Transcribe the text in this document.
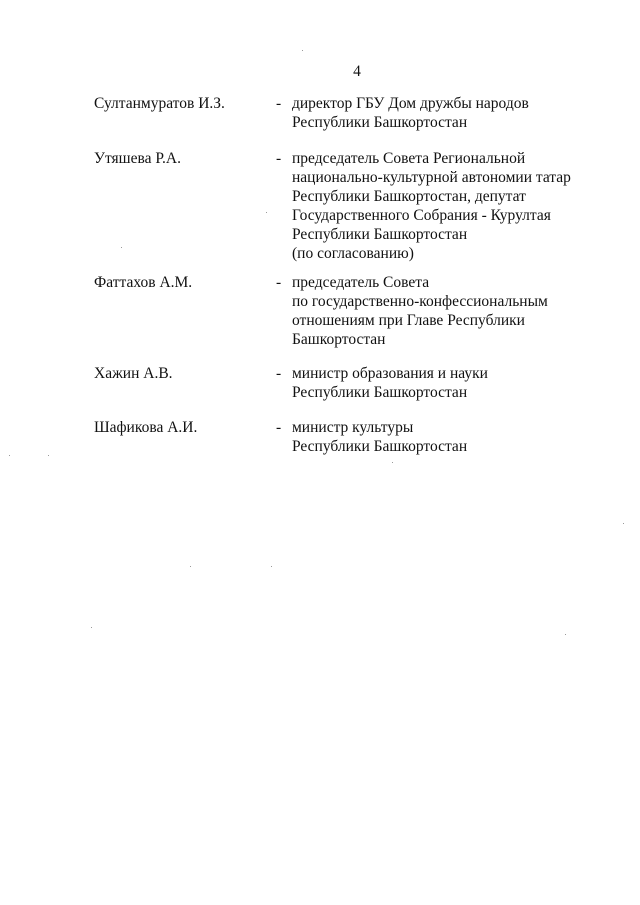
4
Султанмуратов И.З.	- директор ГБУ Дом дружбы народов
Республики Башкортостан
Утяшева Р.А.	- председатель Совета Региональной
национально-культурной автономии татар
Республики Башкортостан, депутат
Государственного Собрания - Курултая
Республики Башкортостан
(по согласованию)
Фаттахов А.М.	- председатель Совета
по государственно-конфессиональным
отношениям при Главе Республики
Башкортостан
Хажин А.В.	- министр образования и науки
Республики Башкортостан
Шафикова А.И.	- министр культуры
Республики Башкортостан
